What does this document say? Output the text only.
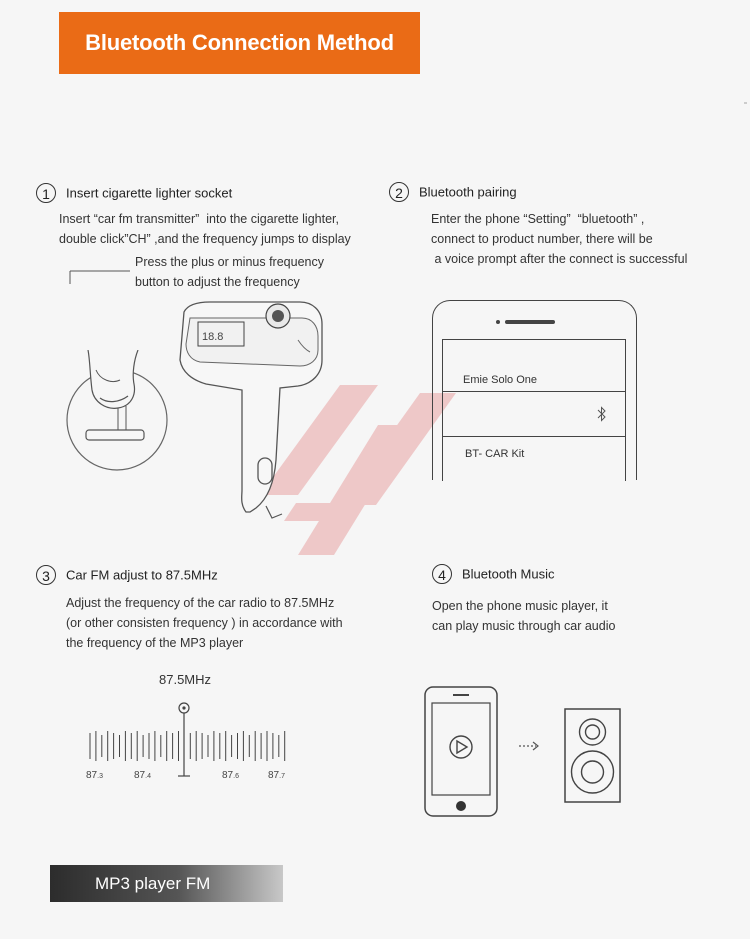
Bluetooth Connection Method
1 Insert cigarette lighter socket
Insert “car fm transmitter”  into the cigarette lighter,
double click”CH” ,and the frequency jumps to display
Press the plus or minus frequency
button to adjust the frequency
18.8
2 Bluetooth pairing
Enter the phone “Setting”  “bluetooth” ,
connect to product number, there will be
a voice prompt after the connect is successful
Emie Solo One
BT- CAR Kit
3 Car FM adjust to 87.5MHz
Adjust the frequency of the car radio to 87.5MHz
(or other consisten frequency ) in accordance with
the frequency of the MP3 player
87.5MHz
87.3	87.4	87.6	87.7
4 Bluetooth Music
Open the phone music player, it
can play music through car audio
MP3 player FM
